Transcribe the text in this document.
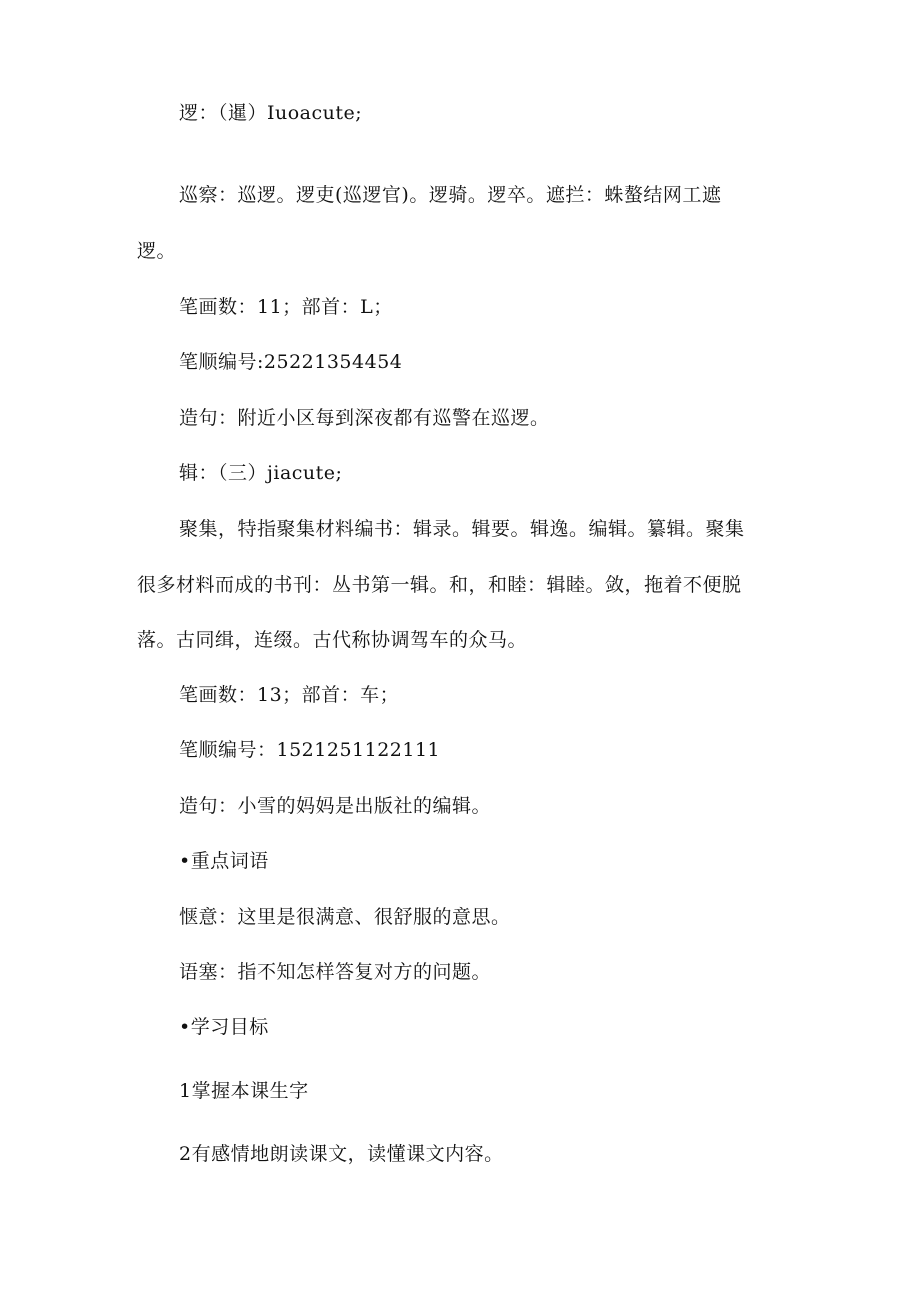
逻：（暹）Iuoacute;
巡察：巡逻。逻吏(巡逻官)。逻骑。逻卒。遮拦：蛛螯结网工遮
逻。
笔画数：11；部首：L；
笔顺编号:25221354454
造句：附近小区每到深夜都有巡警在巡逻。
辑：（三）jiacute;
聚集，特指聚集材料编书：辑录。辑要。辑逸。编辑。纂辑。聚集
很多材料而成的书刊：丛书第一辑。和，和睦：辑睦。敛，拖着不便脱
落。古同缉，连缀。古代称协调驾车的众马。
笔画数：13；部首：车；
笔顺编号：1521251122111
造句：小雪的妈妈是出版社的编辑。
•重点词语
惬意：这里是很满意、很舒服的意思。
语塞：指不知怎样答复对方的问题。
•学习目标
1掌握本课生字
2有感情地朗读课文，读懂课文内容。
